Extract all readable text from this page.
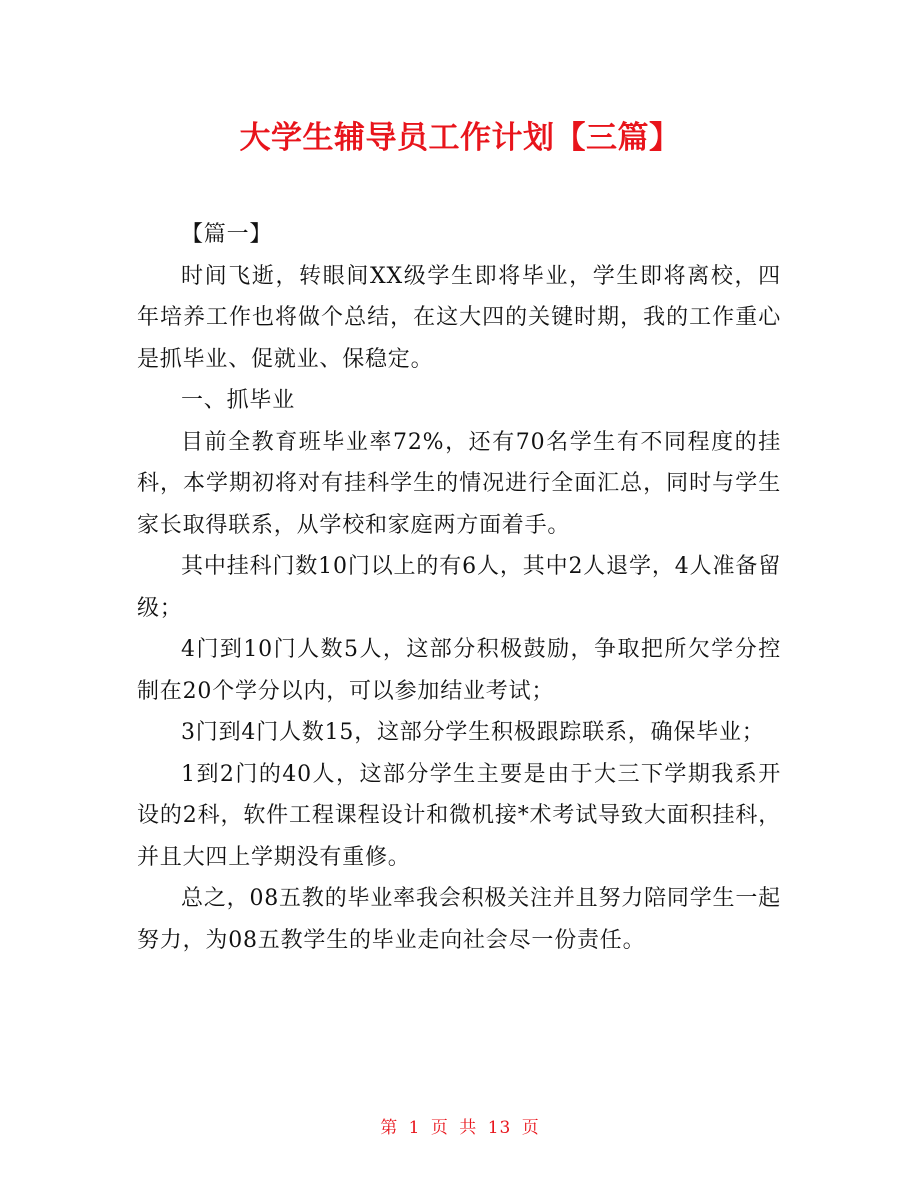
大学生辅导员工作计划【三篇】

【篇一】

时间飞逝，转眼间XX级学生即将毕业，学生即将离校，四年培养工作也将做个总结，在这大四的关键时期，我的工作重心是抓毕业、促就业、保稳定。

一、抓毕业

目前全教育班毕业率72%，还有70名学生有不同程度的挂科，本学期初将对有挂科学生的情况进行全面汇总，同时与学生家长取得联系，从学校和家庭两方面着手。

其中挂科门数10门以上的有6人，其中2人退学，4人准备留级；

4门到10门人数5人，这部分积极鼓励，争取把所欠学分控制在20个学分以内，可以参加结业考试；

3门到4门人数15，这部分学生积极跟踪联系，确保毕业；

1到2门的40人，这部分学生主要是由于大三下学期我系开设的2科，软件工程课程设计和微机接*术考试导致大面积挂科，并且大四上学期没有重修。

总之，08五教的毕业率我会积极关注并且努力陪同学生一起努力，为08五教学生的毕业走向社会尽一份责任。

第 1 页 共 13 页
